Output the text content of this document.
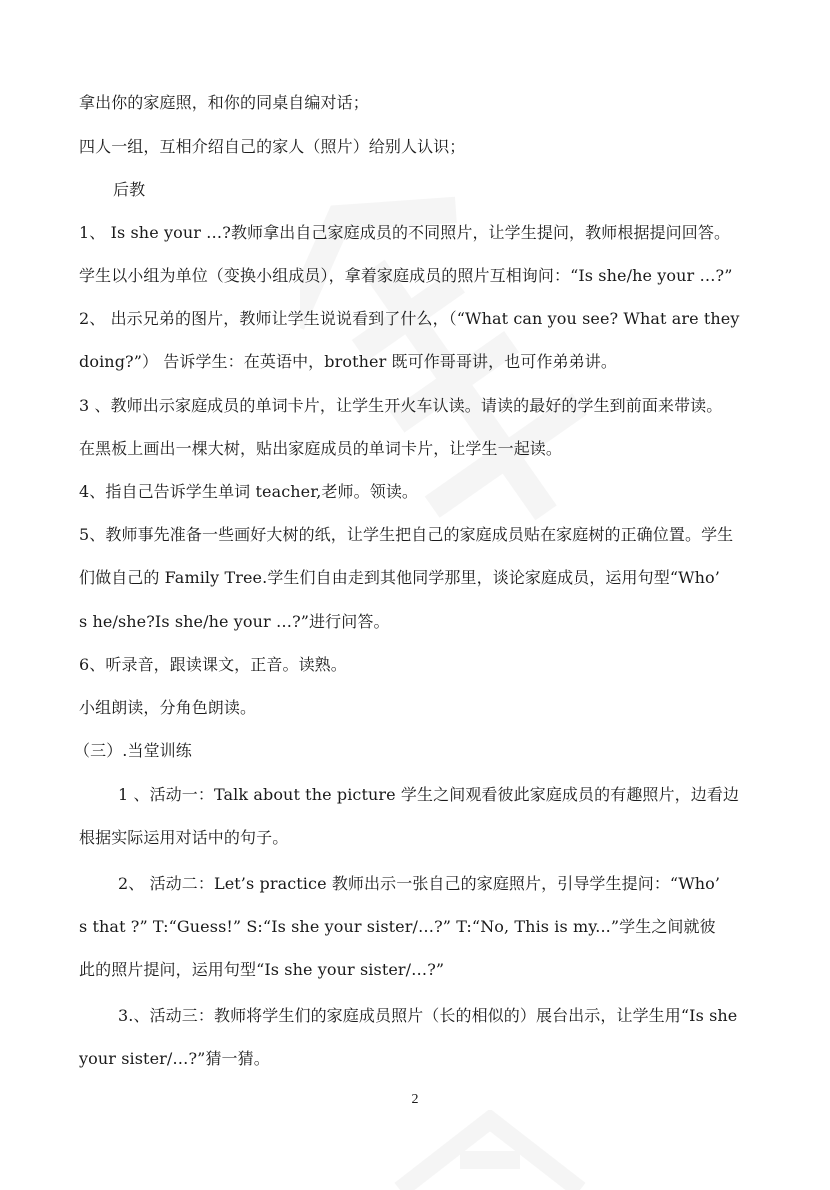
拿出你的家庭照，和你的同桌自编对话；
四人一组，互相介绍自己的家人（照片）给别人认识；
后教
1、 Is she your …?教师拿出自己家庭成员的不同照片，让学生提问，教师根据提问回答。
学生以小组为单位（变换小组成员），拿着家庭成员的照片互相询问：“Is she/he your …?”
2、 出示兄弟的图片，教师让学生说说看到了什么，（“What can you see? What are they
doing?”） 告诉学生：在英语中，brother 既可作哥哥讲，也可作弟弟讲。
3 、教师出示家庭成员的单词卡片，让学生开火车认读。请读的最好的学生到前面来带读。
在黑板上画出一棵大树，贴出家庭成员的单词卡片，让学生一起读。
4、指自己告诉学生单词 teacher,老师。领读。
5、教师事先准备一些画好大树的纸，让学生把自己的家庭成员贴在家庭树的正确位置。学生
们做自己的 Family Tree.学生们自由走到其他同学那里，谈论家庭成员，运用句型“Who’
s he/she?Is she/he your …?”进行问答。
6、听录音，跟读课文，正音。读熟。
小组朗读，分角色朗读。
（三）.当堂训练
1 、活动一：Talk about the picture 学生之间观看彼此家庭成员的有趣照片，边看边
根据实际运用对话中的句子。
2、 活动二：Let’s practice 教师出示一张自己的家庭照片，引导学生提问：“Who’
s that ?” T:“Guess!” S:“Is she your sister/…?” T:“No, This is my...”学生之间就彼
此的照片提问，运用句型“Is she your sister/…?”
3.、活动三：教师将学生们的家庭成员照片（长的相似的）展台出示，让学生用“Is she
your sister/…?”猜一猜。
2
